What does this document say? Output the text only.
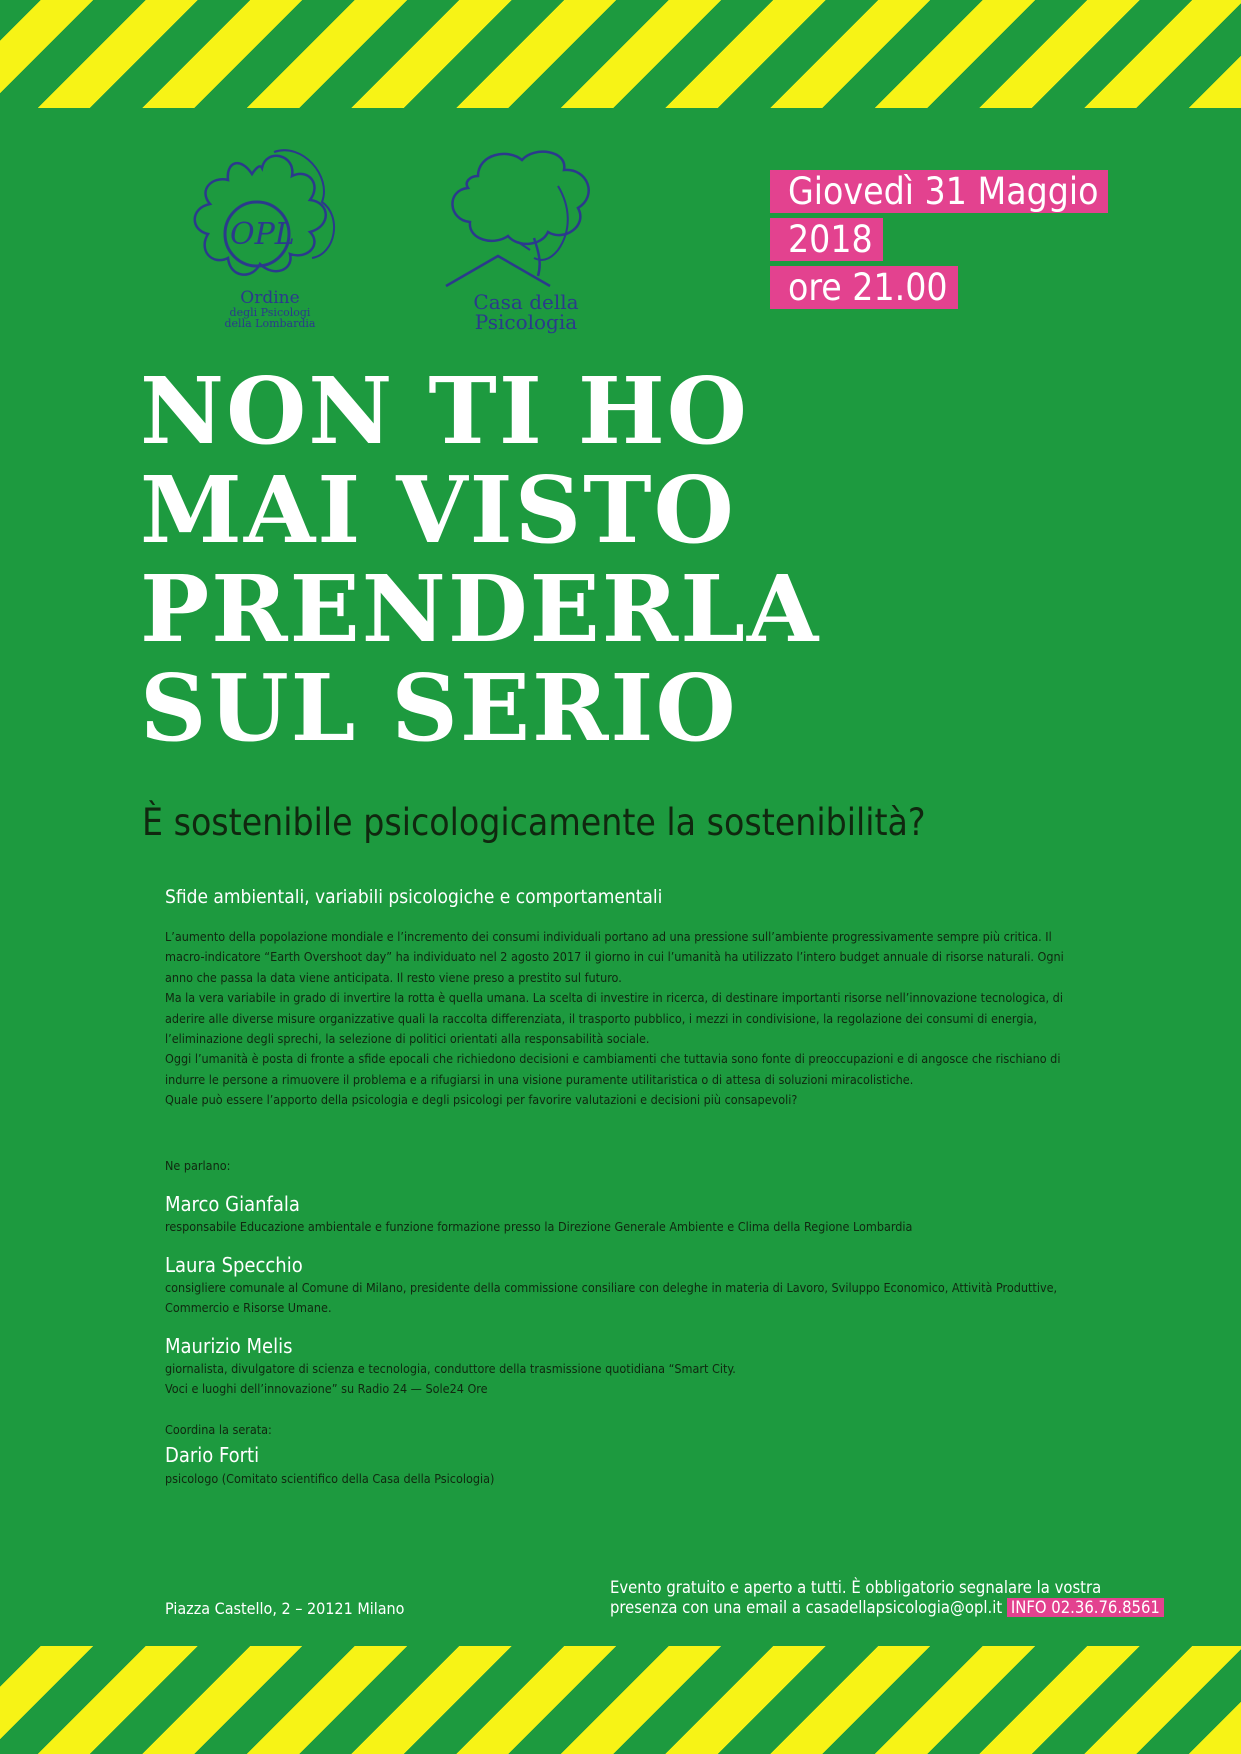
OPL
Ordine
degli Psicologi
della Lombardia
Casa della
Psicologia
Giovedì 31 Maggio
2018
ore 21.00
NON TI HO
MAI VISTO
PRENDERLA
SUL SERIO
È sostenibile psicologicamente la sostenibilità?
Sfide ambientali, variabili psicologiche e comportamentali

L’aumento della popolazione mondiale e l’incremento dei consumi individuali portano ad una pressione sull’ambiente progressivamente sempre più critica. Il macro-indicatore “Earth Overshoot day” ha individuato nel 2 agosto 2017 il giorno in cui l’umanità ha utilizzato l’intero budget annuale di risorse naturali. Ogni anno che passa la data viene anticipata. Il resto viene preso a prestito sul futuro.

Ma la vera variabile in grado di invertire la rotta è quella umana. La scelta di investire in ricerca, di destinare importanti risorse nell’innovazione tecnologica, di aderire alle diverse misure organizzative quali la raccolta differenziata, il trasporto pubblico, i mezzi in condivisione, la regolazione dei consumi di energia, l’eliminazione degli sprechi, la selezione di politici orientati alla responsabilità sociale.

Oggi l’umanità è posta di fronte a sfide epocali che richiedono decisioni e cambiamenti che tuttavia sono fonte di preoccupazioni e di angosce che rischiano di indurre le persone a rimuovere il problema e a rifugiarsi in una visione puramente utilitaristica o di attesa di soluzioni miracolistiche.

Quale può essere l’apporto della psicologia e degli psicologi per favorire valutazioni e decisioni più consapevoli?

Ne parlano:
Marco Gianfala
responsabile Educazione ambientale e funzione formazione presso la Direzione Generale Ambiente e Clima della Regione Lombardia
Laura Specchio
consigliere comunale al Comune di Milano, presidente della commissione consiliare con deleghe in materia di Lavoro, Sviluppo Economico, Attività Produttive, Commercio e Risorse Umane.
Maurizio Melis
giornalista, divulgatore di scienza e tecnologia, conduttore della trasmissione quotidiana “Smart City.
Voci e luoghi dell’innovazione” su Radio 24 — Sole24 Ore
Coordina la serata:
Dario Forti
psicologo (Comitato scientifico della Casa della Psicologia)
Piazza Castello, 2 – 20121 Milano
Evento gratuito e aperto a tutti. È obbligatorio segnalare la vostra
presenza con una email a casadellapsicologia@opl.it INFO 02.36.76.8561
